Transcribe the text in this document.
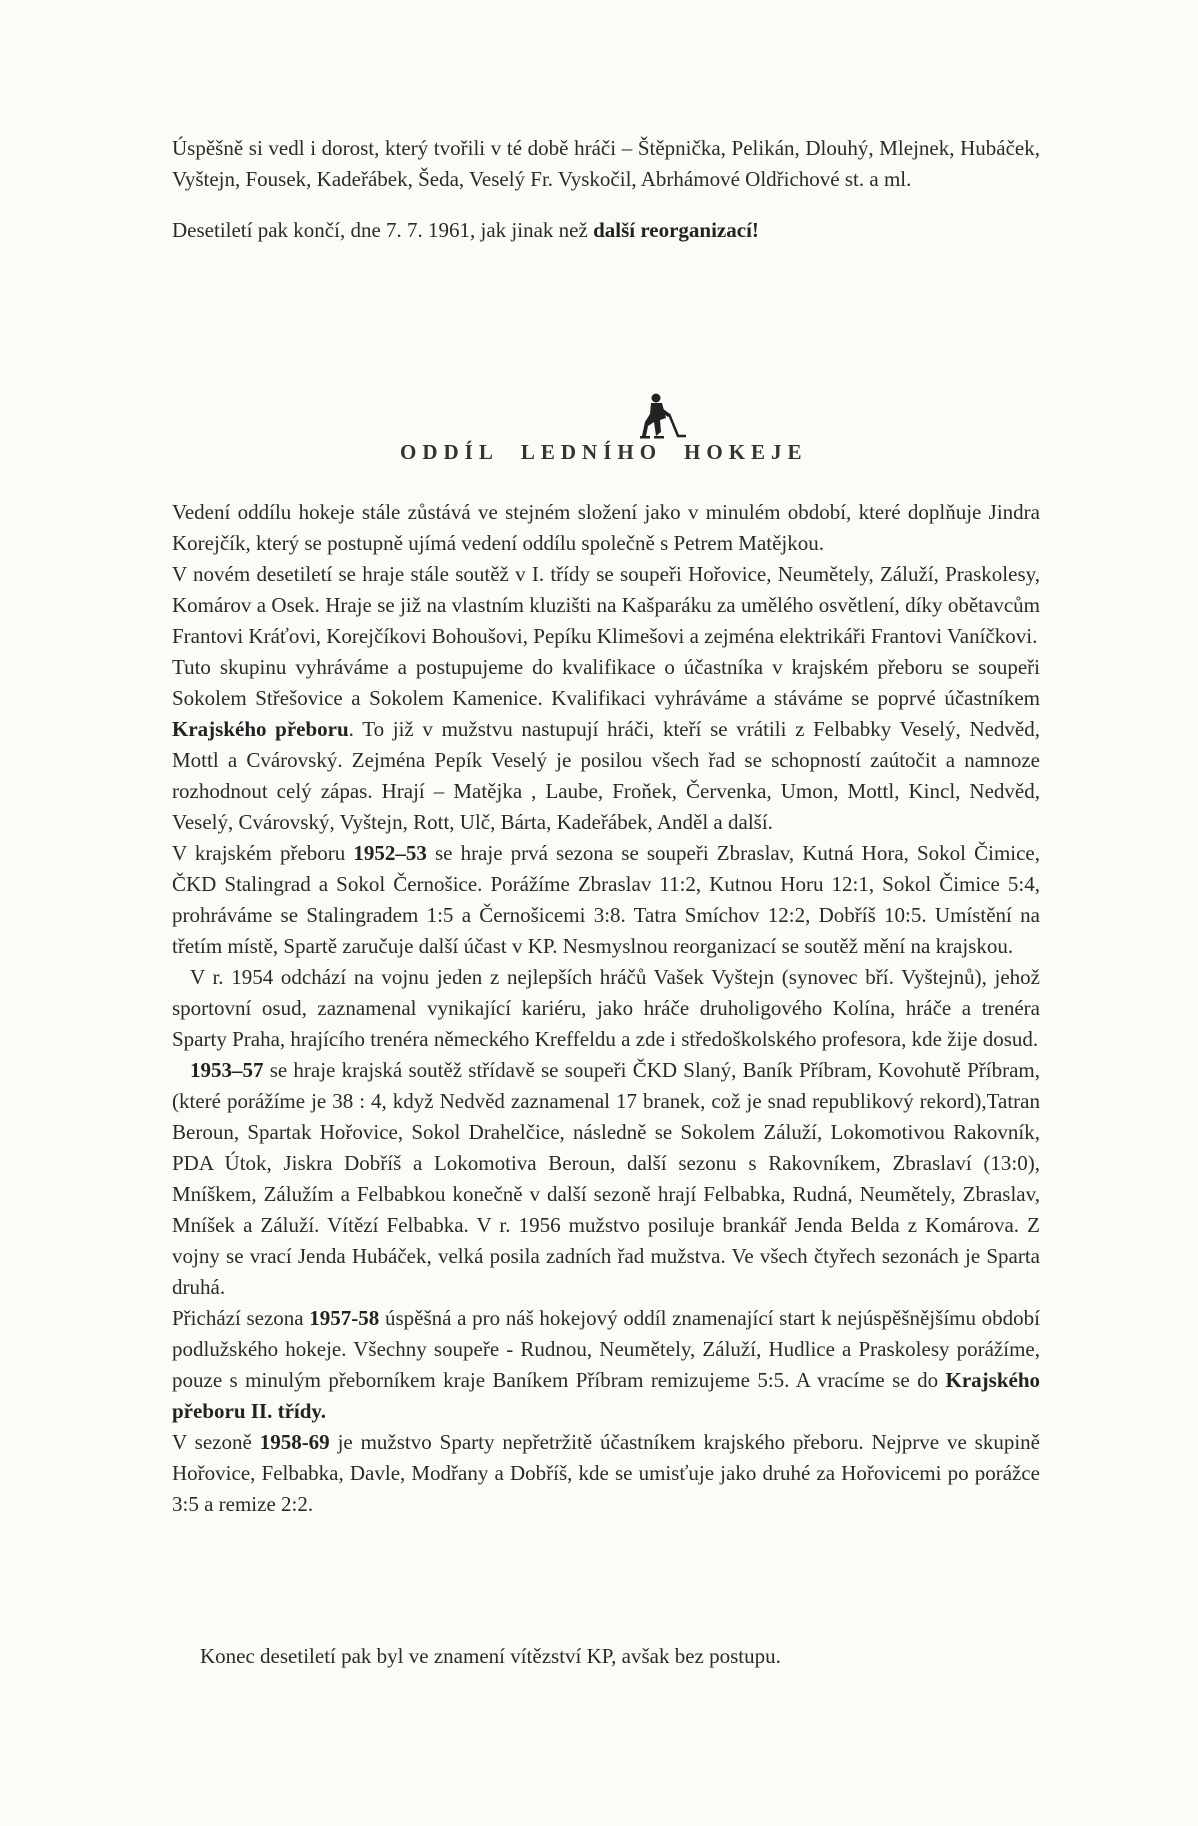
Úspěšně si vedl i dorost, který tvořili v té době hráči – Štěpnička, Pelikán, Dlouhý, Mlejnek, Hubáček, Vyštejn, Fousek, Kadeřábek, Šeda, Veselý Fr. Vyskočil, Abrhámové Oldřichové st. a ml.

Desetiletí pak končí, dne 7. 7. 1961, jak jinak než další reorganizací!

ODDÍL LEDNÍHO HOKEJE

Vedení oddílu hokeje stále zůstává ve stejném složení jako v minulém období, které doplňuje Jindra Korejčík, který se postupně ujímá vedení oddílu společně s Petrem Matějkou.

V novém desetiletí se hraje stále soutěž v I. třídy se soupeři Hořovice, Neumětely, Záluží, Praskolesy, Komárov a Osek. Hraje se již na vlastním kluzišti na Kašparáku za umělého osvětlení, díky obětavcům Frantovi Kráťovi, Korejčíkovi Bohoušovi, Pepíku Klimešovi a zejména elektrikáři Frantovi Vaníčkovi.

Tuto skupinu vyhráváme a postupujeme do kvalifikace o účastníka v krajském přeboru se soupeři Sokolem Střešovice a Sokolem Kamenice. Kvalifikaci vyhráváme a stáváme se poprvé účastníkem Krajského přeboru. To již v mužstvu nastupují hráči, kteří se vrátili z Felbabky Veselý, Nedvěd, Mottl a Cvárovský. Zejména Pepík Veselý je posilou všech řad se schopností zaútočit a namnoze rozhodnout celý zápas. Hrají – Matějka , Laube, Froňek, Červenka, Umon, Mottl, Kincl, Nedvěd, Veselý, Cvárovský, Vyštejn, Rott, Ulč, Bárta, Kadeřábek, Anděl a další.

V krajském přeboru 1952–53 se hraje prvá sezona se soupeři Zbraslav, Kutná Hora, Sokol Čimice, ČKD Stalingrad a Sokol Černošice. Porážíme Zbraslav 11:2, Kutnou Horu 12:1, Sokol Čimice 5:4, prohráváme se Stalingradem 1:5 a Černošicemi 3:8. Tatra Smíchov 12:2, Dobříš 10:5. Umístění na třetím místě, Spartě zaručuje další účast v KP. Nesmyslnou reorganizací se soutěž mění na krajskou.

V r. 1954 odchází na vojnu jeden z nejlepších hráčů Vašek Vyštejn (synovec bří. Vyštejnů), jehož sportovní osud, zaznamenal vynikající kariéru, jako hráče druholigového Kolína, hráče a trenéra Sparty Praha, hrajícího trenéra německého Kreffeldu a zde i středoškolského profesora, kde žije dosud.

1953–57 se hraje krajská soutěž střídavě se soupeři ČKD Slaný, Baník Příbram, Kovohutě Příbram, (které porážíme je 38 : 4, když Nedvěd zaznamenal 17 branek, což je snad republikový rekord),Tatran Beroun, Spartak Hořovice, Sokol Drahelčice, následně se Sokolem Záluží, Lokomotivou Rakovník, PDA Útok, Jiskra Dobříš a Lokomotiva Beroun, další sezonu s Rakovníkem, Zbraslaví (13:0), Mníškem, Zálužím a Felbabkou konečně v další sezoně hrají Felbabka, Rudná, Neumětely, Zbraslav, Mníšek a Záluží. Vítězí Felbabka. V r. 1956 mužstvo posiluje brankář Jenda Belda z Komárova. Z vojny se vrací Jenda Hubáček, velká posila zadních řad mužstva. Ve všech čtyřech sezonách je Sparta druhá.

Přichází sezona 1957-58 úspěšná a pro náš hokejový oddíl znamenající start k nejúspěšnějšímu období podlužského hokeje. Všechny soupeře - Rudnou, Neumětely, Záluží, Hudlice a Praskolesy porážíme, pouze s minulým přeborníkem kraje Baníkem Příbram remizujeme 5:5. A vracíme se do Krajského přeboru II. třídy.

V sezoně 1958-69 je mužstvo Sparty nepřetržitě účastníkem krajského přeboru. Nejprve ve skupině Hořovice, Felbabka, Davle, Modřany a Dobříš, kde se umisťuje jako druhé za Hořovicemi po porážce 3:5 a remize 2:2.

Konec desetiletí pak byl ve znamení vítězství KP, avšak bez postupu.
